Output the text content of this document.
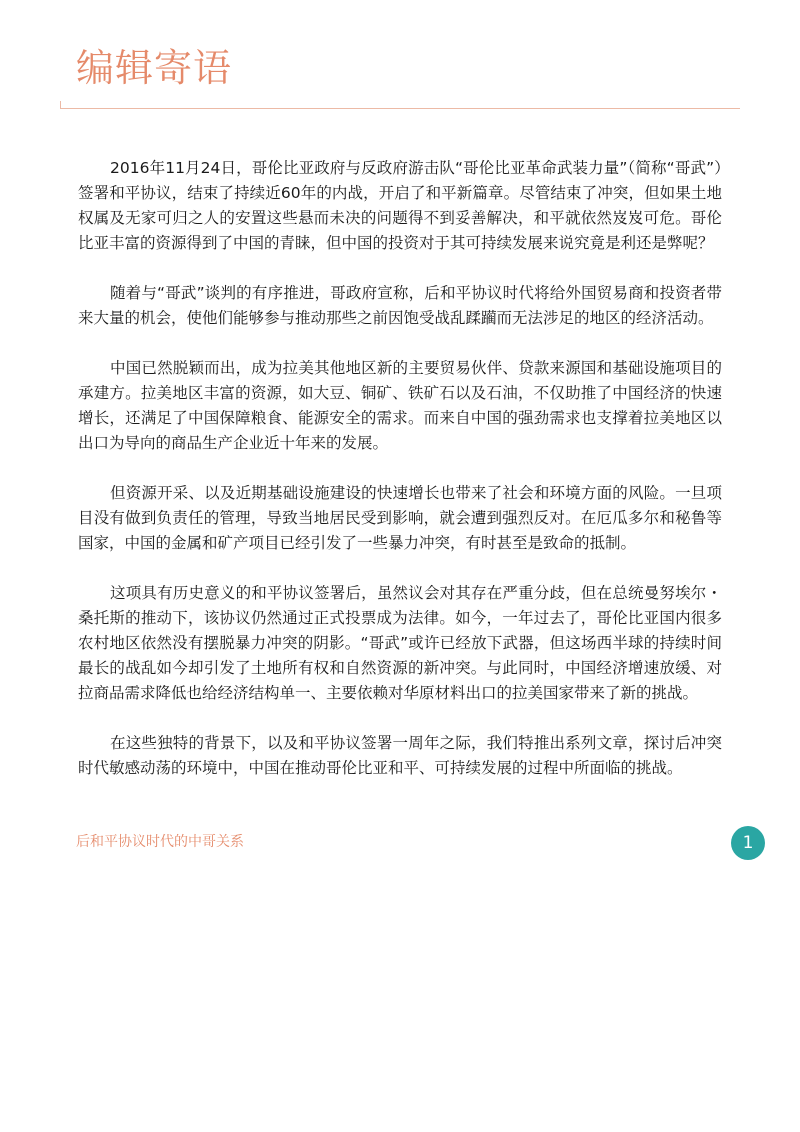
编辑寄语

2016年11月24日，哥伦比亚政府与反政府游击队“哥伦比亚革命武装力量”（简称“哥武”）签署和平协议，结束了持续近60年的内战，开启了和平新篇章。尽管结束了冲突，但如果土地权属及无家可归之人的安置这些悬而未决的问题得不到妥善解决，和平就依然岌岌可危。哥伦比亚丰富的资源得到了中国的青睐，但中国的投资对于其可持续发展来说究竟是利还是弊呢？

随着与“哥武”谈判的有序推进，哥政府宣称，后和平协议时代将给外国贸易商和投资者带来大量的机会，使他们能够参与推动那些之前因饱受战乱蹂躏而无法涉足的地区的经济活动。

中国已然脱颖而出，成为拉美其他地区新的主要贸易伙伴、贷款来源国和基础设施项目的承建方。拉美地区丰富的资源，如大豆、铜矿、铁矿石以及石油，不仅助推了中国经济的快速增长，还满足了中国保障粮食、能源安全的需求。而来自中国的强劲需求也支撑着拉美地区以出口为导向的商品生产企业近十年来的发展。

但资源开采、以及近期基础设施建设的快速增长也带来了社会和环境方面的风险。一旦项目没有做到负责任的管理，导致当地居民受到影响，就会遭到强烈反对。在厄瓜多尔和秘鲁等国家，中国的金属和矿产项目已经引发了一些暴力冲突，有时甚至是致命的抵制。

这项具有历史意义的和平协议签署后，虽然议会对其存在严重分歧，但在总统曼努埃尔・桑托斯的推动下，该协议仍然通过正式投票成为法律。如今，一年过去了，哥伦比亚国内很多农村地区依然没有摆脱暴力冲突的阴影。“哥武”或许已经放下武器，但这场西半球的持续时间最长的战乱如今却引发了土地所有权和自然资源的新冲突。与此同时，中国经济增速放缓、对拉商品需求降低也给经济结构单一、主要依赖对华原材料出口的拉美国家带来了新的挑战。

在这些独特的背景下，以及和平协议签署一周年之际，我们特推出系列文章，探讨后冲突时代敏感动荡的环境中，中国在推动哥伦比亚和平、可持续发展的过程中所面临的挑战。

后和平协议时代的中哥关系	1
